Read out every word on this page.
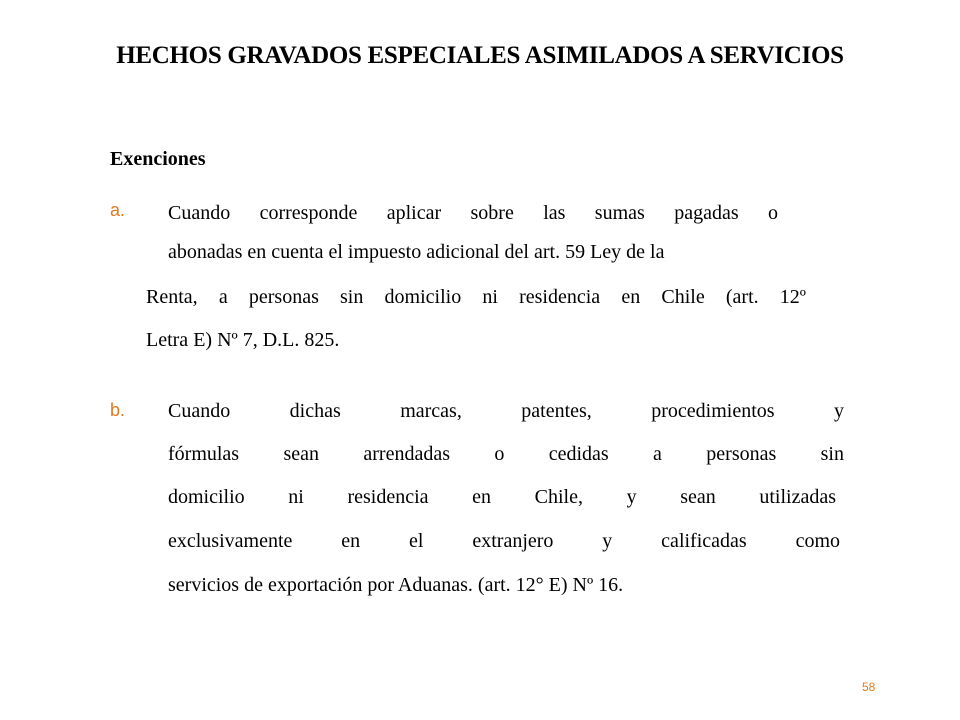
HECHOS GRAVADOS ESPECIALES ASIMILADOS A SERVICIOS
Exenciones
a. Cuando corresponde aplicar sobre las sumas pagadas o
abonadas en cuenta el impuesto adicional del art. 59 Ley de la
Renta, a personas sin domicilio ni residencia en Chile (art. 12º
Letra E) Nº 7, D.L. 825.
b. Cuando dichas marcas, patentes, procedimientos y
fórmulas sean arrendadas o cedidas a personas sin
domicilio ni residencia en Chile, y sean utilizadas
exclusivamente en el extranjero y calificadas como
servicios de exportación por Aduanas. (art. 12° E) Nº 16.
58
